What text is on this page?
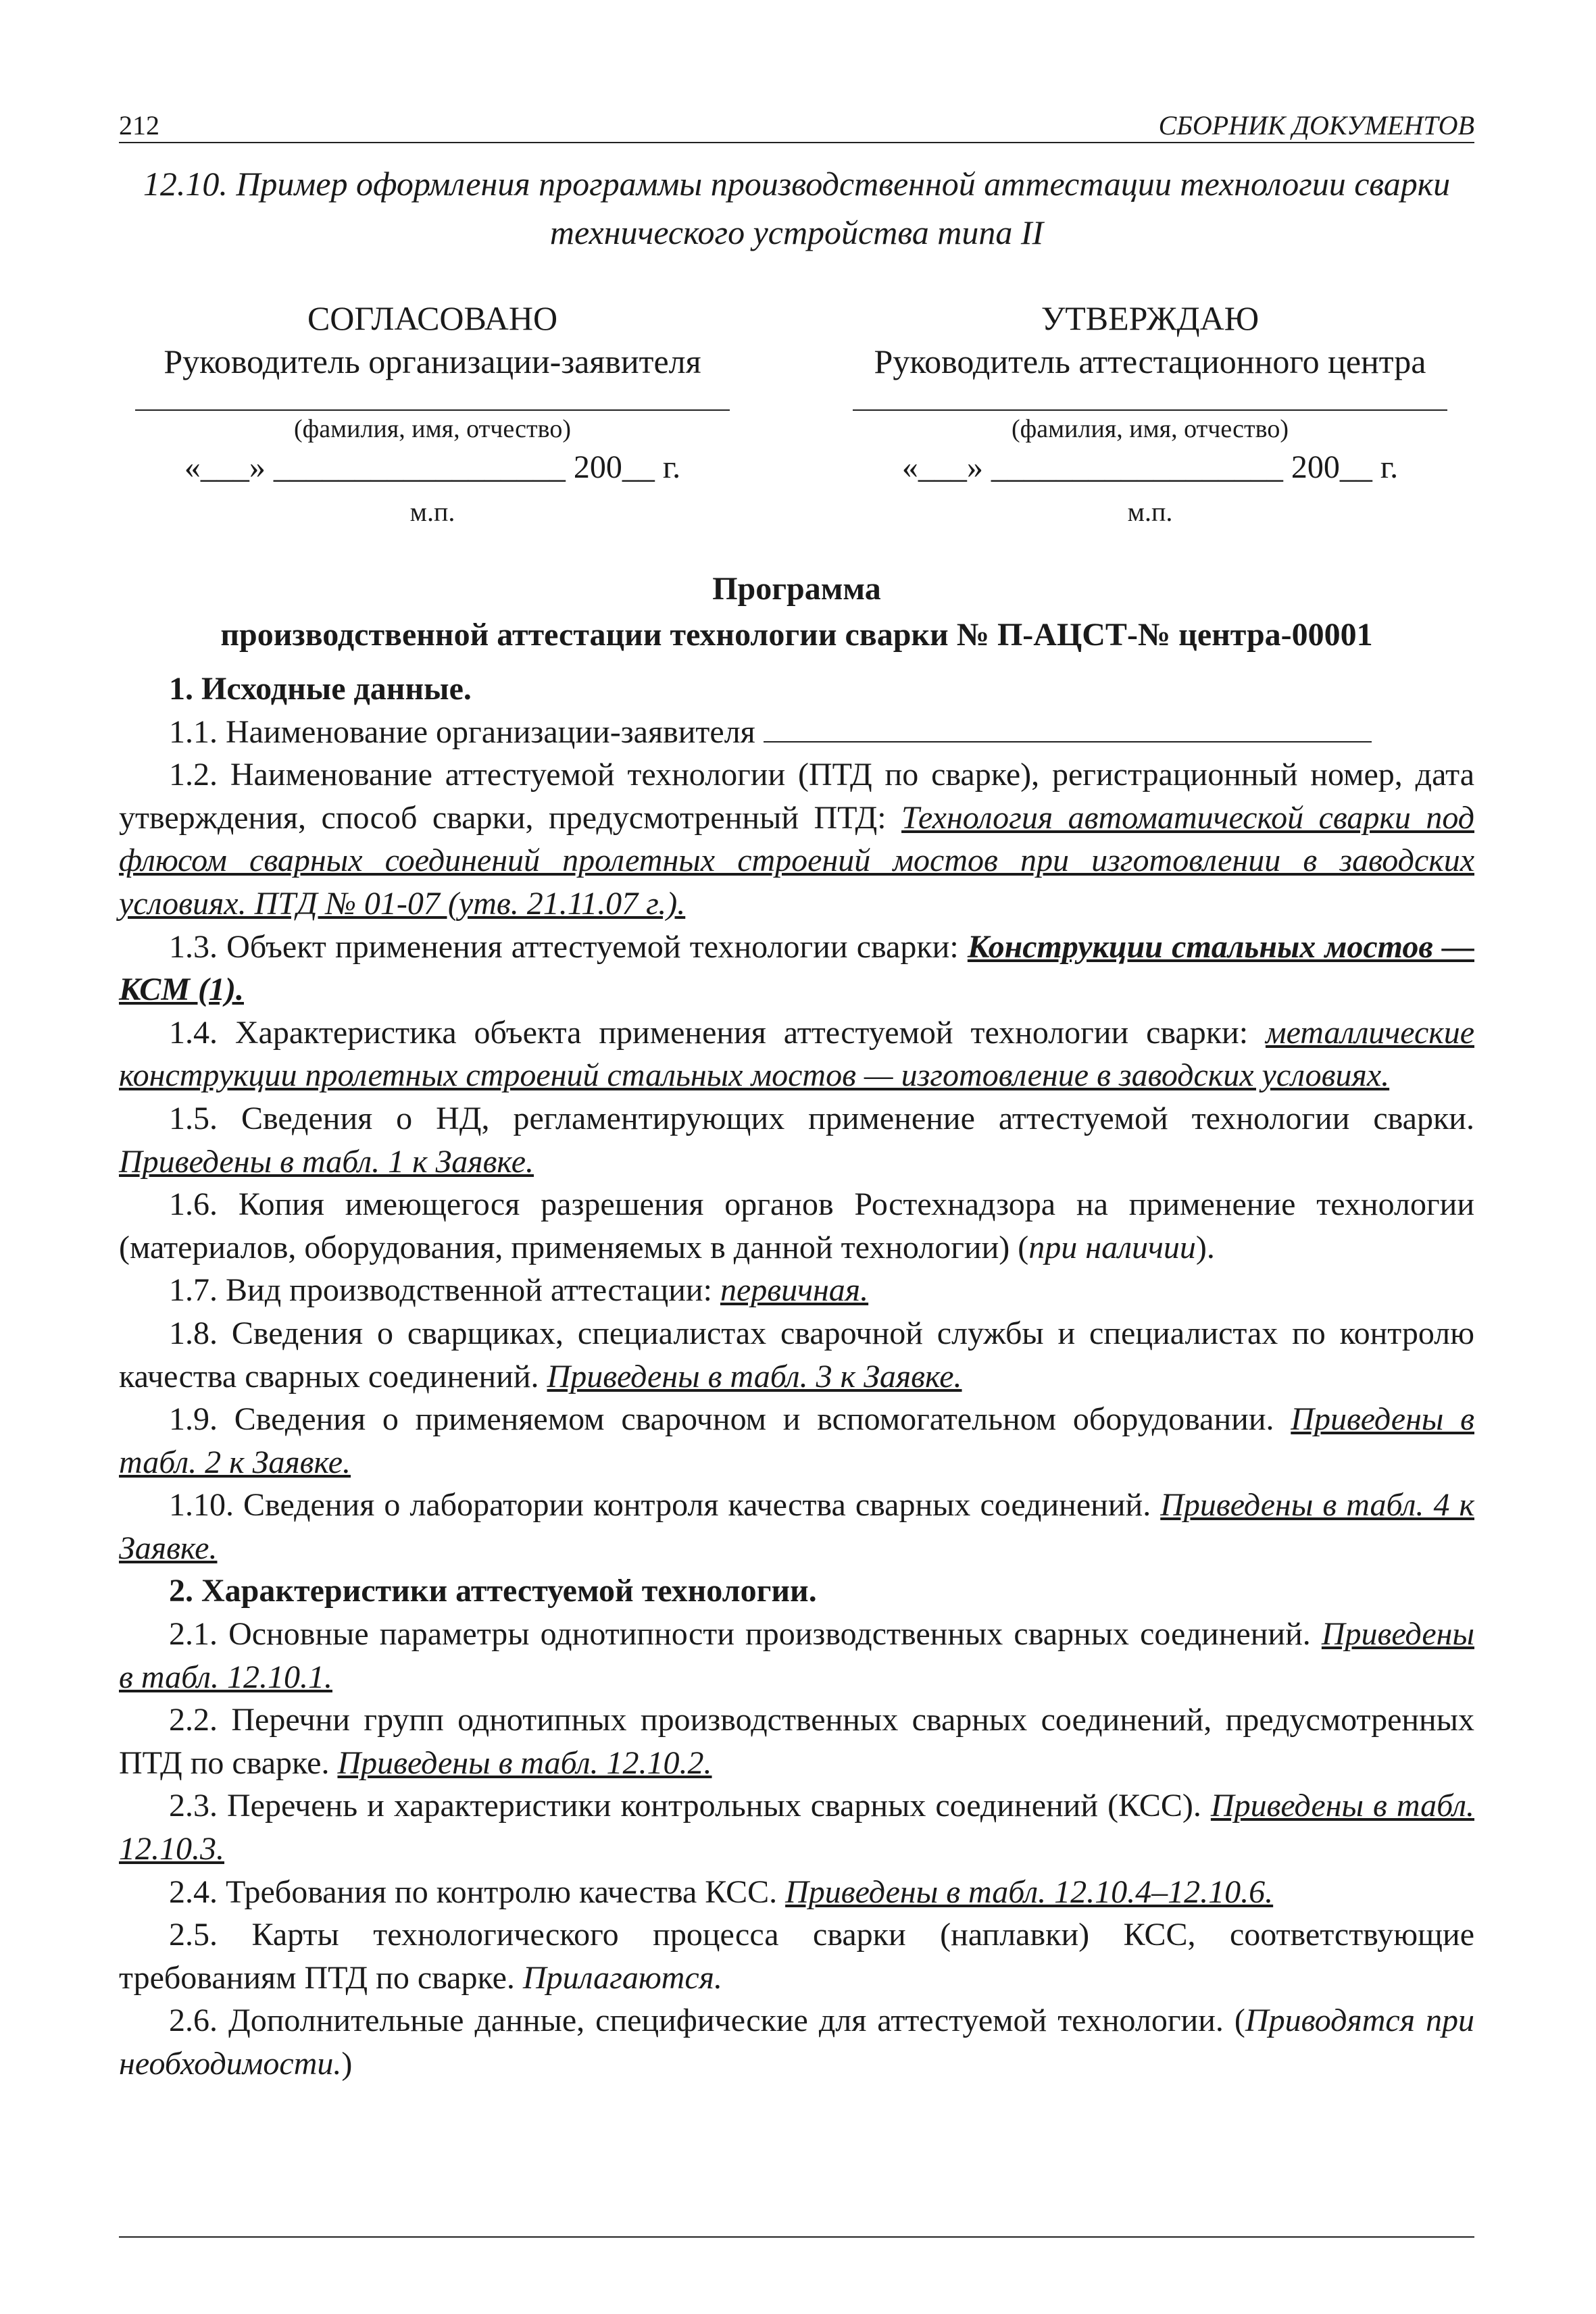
212	СБОРНИК ДОКУМЕНТОВ
12.10. Пример оформления программы производственной аттестации технологии сварки технического устройства типа II
СОГЛАСОВАНО
Руководитель организации-заявителя
(фамилия, имя, отчество)
«___» __________________ 200__ г.
м.п.
УТВЕРЖДАЮ
Руководитель аттестационного центра
(фамилия, имя, отчество)
«___» __________________ 200__ г.
м.п.
Программа
производственной аттестации технологии сварки № П-АЦСТ-№ центра-00001

1. Исходные данные.

1.1. Наименование организации-заявителя

1.2. Наименование аттестуемой технологии (ПТД по сварке), регистрационный номер, дата утверждения, способ сварки, предусмотренный ПТД: Технология автоматической сварки под флюсом сварных соединений пролетных строений мостов при изготовлении в заводских условиях. ПТД № 01-07 (утв. 21.11.07 г.).

1.3. Объект применения аттестуемой технологии сварки: Конструкции стальных мостов — КСМ (1).

1.4. Характеристика объекта применения аттестуемой технологии сварки: металлические конструкции пролетных строений стальных мостов — изготовление в заводских условиях.

1.5. Сведения о НД, регламентирующих применение аттестуемой технологии сварки. Приведены в табл. 1 к Заявке.

1.6. Копия имеющегося разрешения органов Ростехнадзора на применение технологии (материалов, оборудования, применяемых в данной технологии) (при наличии).

1.7. Вид производственной аттестации: первичная.

1.8. Сведения о сварщиках, специалистах сварочной службы и специалистах по контролю качества сварных соединений. Приведены в табл. 3 к Заявке.

1.9. Сведения о применяемом сварочном и вспомогательном оборудовании. Приведены в табл. 2 к Заявке.

1.10. Сведения о лаборатории контроля качества сварных соединений. Приведены в табл. 4 к Заявке.

2. Характеристики аттестуемой технологии.

2.1. Основные параметры однотипности производственных сварных соединений. Приведены в табл. 12.10.1.

2.2. Перечни групп однотипных производственных сварных соединений, предусмотренных ПТД по сварке. Приведены в табл. 12.10.2.

2.3. Перечень и характеристики контрольных сварных соединений (КСС). Приведены в табл. 12.10.3.

2.4. Требования по контролю качества КСС. Приведены в табл. 12.10.4–12.10.6.

2.5. Карты технологического процесса сварки (наплавки) КСС, соответствующие требованиям ПТД по сварке. Прилагаются.

2.6. Дополнительные данные, специфические для аттестуемой технологии. (Приводятся при необходимости.)
